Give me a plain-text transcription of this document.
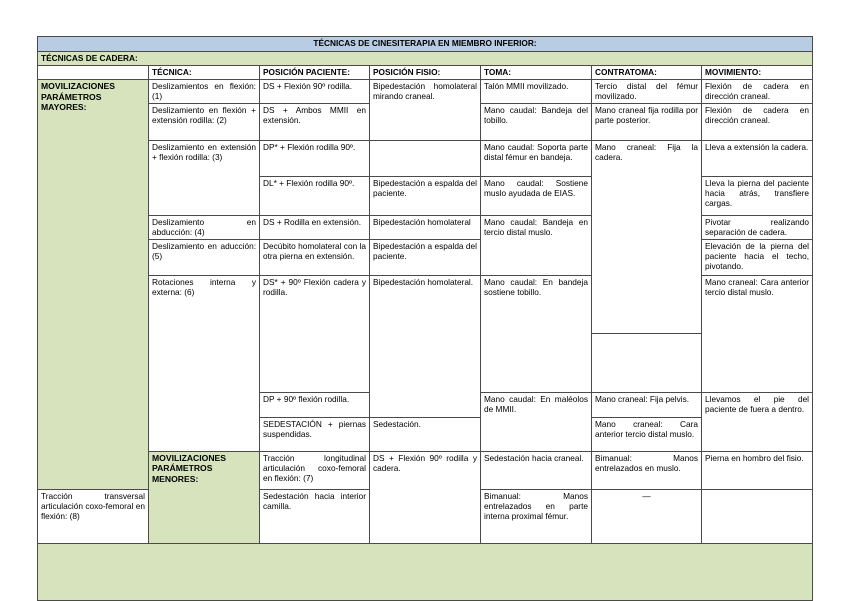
TÉCNICAS DE CINESITERAPIA EN MIEMBRO INFERIOR:							
TÉCNICAS DE CADERA:							
	TÉCNICA:	POSICIÓN PACIENTE:	POSICIÓN FISIO:	TOMA:	CONTRATOMA:	MOVIMIENTO:	
MOVILIZACIONES PARÁMETROS MAYORES:	Deslizamientos en flexión: (1)	DS + Flexión 90º rodilla.	Bipedestación homolateral mirando craneal.	Talón MMII movilizado.	Tercio distal del fémur movilizado.	Flexión de cadera en dirección craneal.	
	Deslizamiento en flexión + extensión rodilla: (2)	DS + Ambos MMII en extensión.		Mano caudal: Bandeja del tobillo.	Mano craneal fija rodilla por parte posterior.	Flexión de cadera en dirección craneal.	
	Deslizamiento en extensión + flexión rodilla: (3)	DP* + Flexión rodilla 90º.		Mano caudal: Soporta parte distal fémur en bandeja.	Mano craneal: Fija la cadera.	Lleva a extensión la cadera.	
		DL* + Flexión rodilla 90º.	Bipedestación a espalda del paciente.	Mano caudal: Sostiene muslo ayudada de EIAS.		Lleva la pierna del paciente hacia atrás, transfiere cargas.	
	Deslizamiento en abducción: (4)	DS + Rodilla en extensión.	Bipedestación homolateral	Mano caudal: Bandeja en tercio distal muslo.		Pivotar realizando separación de cadera.	
	Deslizamiento en aducción: (5)	Decúbito homolateral con la otra pierna en extensión.	Bipedestación a espalda del paciente.			Elevación de la pierna del paciente hacia el techo, pivotando.	
	Rotaciones interna y externa: (6)	DS* + 90º Flexión cadera y rodilla.	Bipedestación homolateral.	Mano caudal: En bandeja sostiene tobillo.		Mano craneal: Cara anterior tercio distal muslo.	

		DP + 90º flexión rodilla.		Mano caudal: En maléolos de MMII.	Mano craneal: Fija pelvis.	Llevamos el pie del paciente de fuera a dentro.	
		SEDESTACIÓN + piernas suspendidas.	Sedestación.		Mano craneal: Cara anterior tercio distal muslo.		

	MOVILIZACIONES PARÁMETROS MENORES:	Tracción longitudinal articulación coxo-femoral en flexión: (7)	DS + Flexión 90º rodilla y cadera.	Sedestación hacia craneal.	Bimanual: Manos entrelazados en muslo.	Pierna en hombro del fisio.	
Tracción transversal articulación coxo-femoral en flexión: (8)		Sedestación hacia interior camilla.		Bimanual: Manos entrelazados en parte interna proximal fémur.	—		
